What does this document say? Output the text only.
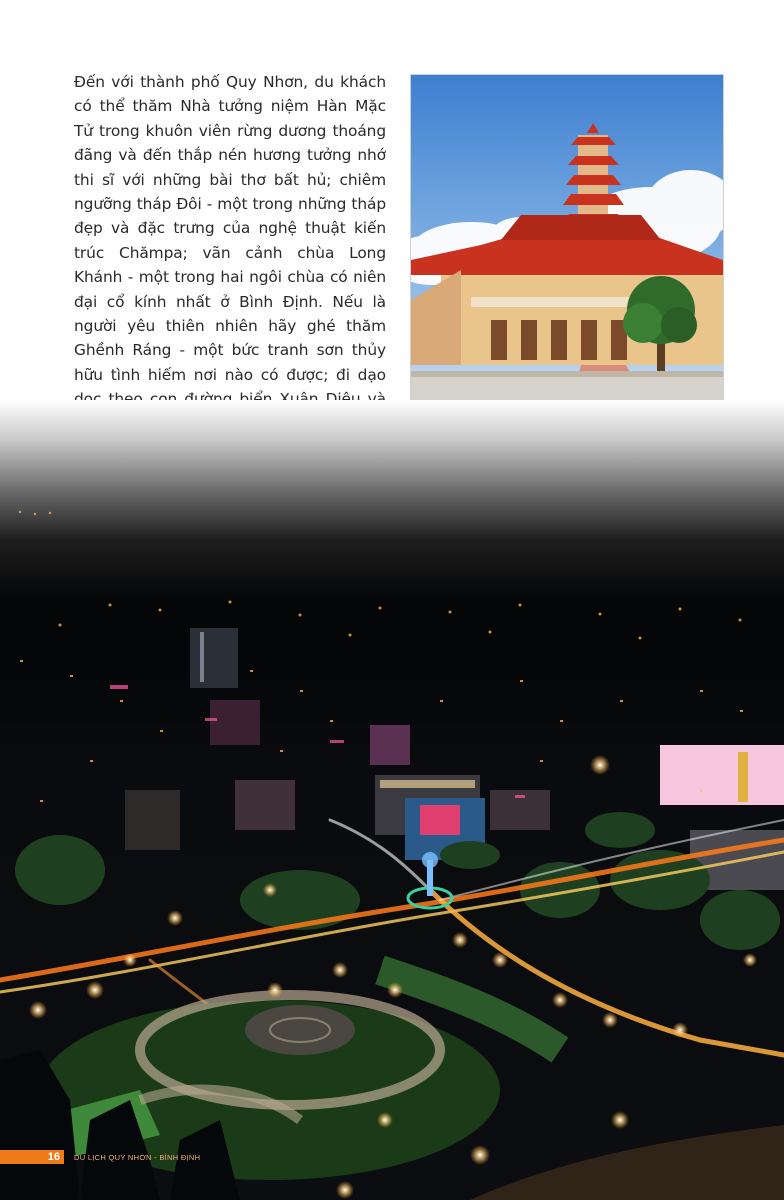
Đến với thành phố Quy Nhơn, du khách có thể thăm Nhà tưởng niệm Hàn Mặc Tử trong khuôn viên rừng dương thoáng đãng và đến thắp nén hương tưởng nhớ thi sĩ với những bài thơ bất hủ; chiêm ngưỡng tháp Đôi - một trong những tháp đẹp và đặc trưng của nghệ thuật kiến trúc Chămpa; vãn cảnh chùa Long Khánh - một trong hai ngôi chùa có niên đại cổ kính nhất ở Bình Định. Nếu là người yêu thiên nhiên hãy ghé thăm Ghềnh Ráng - một bức tranh sơn thủy hữu tình hiếm nơi nào có được; đi dạo

16 DU LỊCH QUY NHƠN - BÌNH ĐỊNH
